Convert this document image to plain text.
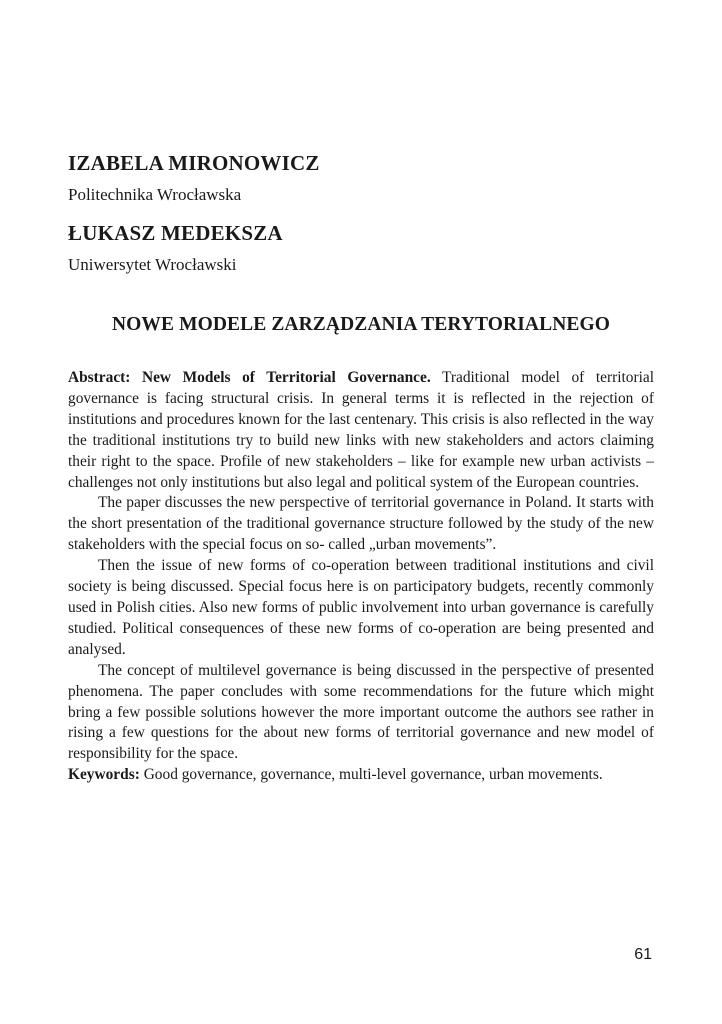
IZABELA MIRONOWICZ
Politechnika Wrocławska
ŁUKASZ MEDEKSZA
Uniwersytet Wrocławski
NOWE MODELE ZARZĄDZANIA TERYTORIALNEGO

Abstract: New Models of Territorial Governance. Traditional model of territorial governance is facing structural crisis. In general terms it is reflected in the rejection of institutions and procedures known for the last centenary. This crisis is also reflected in the way the traditional institutions try to build new links with new stakeholders and actors claiming their right to the space. Profile of new stakeholders – like for example new urban activists – challenges not only institutions but also legal and political system of the European countries.

The paper discusses the new perspective of territorial governance in Poland. It starts with the short presentation of the traditional governance structure followed by the study of the new stakeholders with the special focus on so- called „urban movements”.

Then the issue of new forms of co-operation between traditional institutions and civil society is being discussed. Special focus here is on participatory budgets, recently commonly used in Polish cities. Also new forms of public involvement into urban governance is carefully studied. Political consequences of these new forms of co-operation are being presented and analysed.

The concept of multilevel governance is being discussed in the perspective of presented phenomena. The paper concludes with some recommendations for the future which might bring a few possible solutions however the more important outcome the authors see rather in rising a few questions for the about new forms of territorial governance and new model of responsibility for the space.

Keywords: Good governance, governance, multi-level governance, urban movements.

61
